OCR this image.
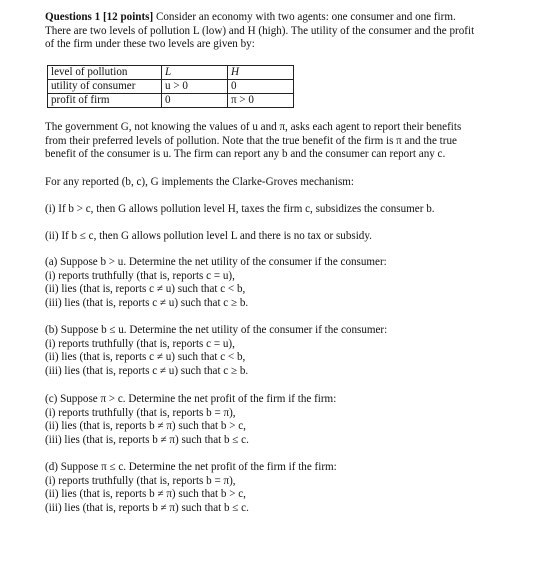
Questions 1 [12 points] Consider an economy with two agents: one consumer and one firm.

There are two levels of pollution L (low) and H (high). The utility of the consumer and the profit

of the firm under these two levels are given by:

level of pollution	L	H
utility of consumer	u > 0	0
profit of firm	0	π > 0

The government G, not knowing the values of u and π, asks each agent to report their benefits

from their preferred levels of pollution. Note that the true benefit of the firm is π and the true

benefit of the consumer is u. The firm can report any b and the consumer can report any c.

For any reported (b, c), G implements the Clarke-Groves mechanism:

(i) If b > c, then G allows pollution level H, taxes the firm c, subsidizes the consumer b.

(ii) If b ≤ c, then G allows pollution level L and there is no tax or subsidy.

(a) Suppose b > u. Determine the net utility of the consumer if the consumer:

(i) reports truthfully (that is, reports c = u),

(ii) lies (that is, reports c ≠ u) such that c < b,

(iii) lies (that is, reports c ≠ u) such that c ≥ b.

(b) Suppose b ≤ u. Determine the net utility of the consumer if the consumer:

(i) reports truthfully (that is, reports c = u),

(ii) lies (that is, reports c ≠ u) such that c < b,

(iii) lies (that is, reports c ≠ u) such that c ≥ b.

(c) Suppose π > c. Determine the net profit of the firm if the firm:

(i) reports truthfully (that is, reports b = π),

(ii) lies (that is, reports b ≠ π) such that b > c,

(iii) lies (that is, reports b ≠ π) such that b ≤ c.

(d) Suppose π ≤ c. Determine the net profit of the firm if the firm:

(i) reports truthfully (that is, reports b = π),

(ii) lies (that is, reports b ≠ π) such that b > c,

(iii) lies (that is, reports b ≠ π) such that b ≤ c.
